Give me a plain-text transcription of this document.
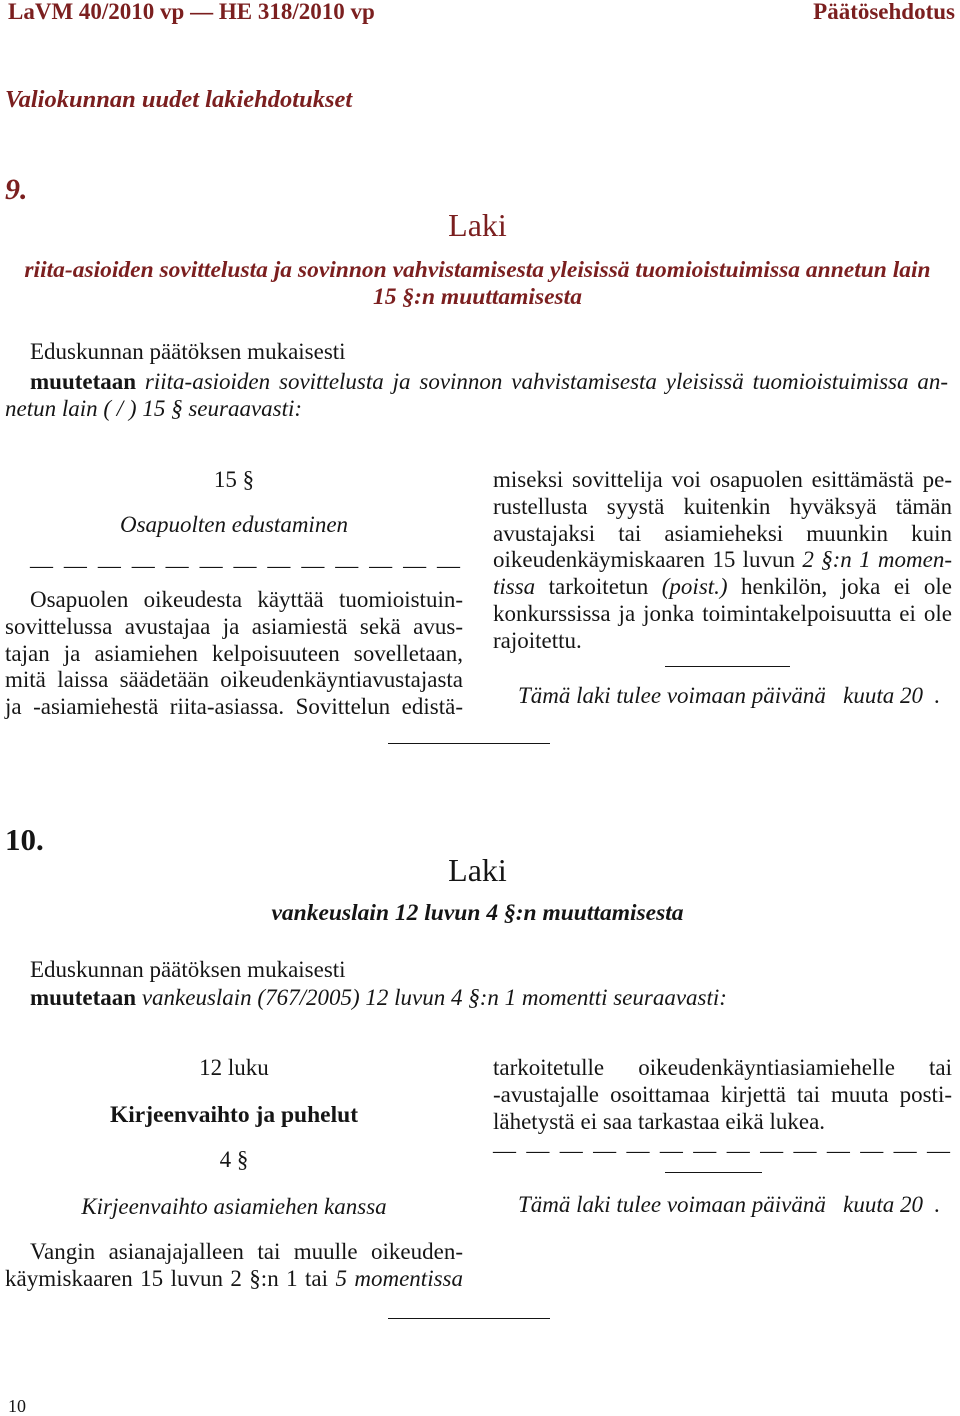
LaVM 40/2010 vp — HE 318/2010 vp	Päätösehdotus
Valiokunnan uudet lakiehdotukset
9.
Laki
riita-asioiden sovittelusta ja sovinnon vahvistamisesta yleisissä tuomioistuimissa annetun lain
15 §:n muuttamisesta
Eduskunnan päätöksen mukaisesti
muutetaan riita-asioiden sovittelusta ja sovinnon vahvistamisesta yleisissä tuomioistuimissa an-
netun lain ( / ) 15 § seuraavasti:
15 §
Osapuolten edustaminen
— — — — — — — — — — — — —
Osapuolen oikeudesta käyttää tuomioistuin-
sovittelussa avustajaa ja asiamiestä sekä avus-
tajan ja asiamiehen kelpoisuuteen sovelletaan,
mitä laissa säädetään oikeudenkäyntiavustajasta
ja -asiamiehestä riita-asiassa. Sovittelun edistä-
miseksi sovittelija voi osapuolen esittämästä pe-
rustellusta syystä kuitenkin hyväksyä tämän
avustajaksi tai asiamieheksi muunkin kuin
oikeudenkäymiskaaren 15 luvun 2 §:n 1 momen-
tissa tarkoitetun (poist.) henkilön, joka ei ole
konkurssissa ja jonka toimintakelpoisuutta ei ole
rajoitettu.
Tämä laki tulee voimaan päivänä   kuuta 20  .
10.
Laki
vankeuslain 12 luvun 4 §:n muuttamisesta
Eduskunnan päätöksen mukaisesti
muutetaan vankeuslain (767/2005) 12 luvun 4 §:n 1 momentti seuraavasti:
12 luku
Kirjeenvaihto ja puhelut
4 §
Kirjeenvaihto asiamiehen kanssa
Vangin asianajajalleen tai muulle oikeuden-
käymiskaaren 15 luvun 2 §:n 1 tai 5 momentissa
tarkoitetulle oikeudenkäyntiasiamiehelle tai
-avustajalle osoittamaa kirjettä tai muuta posti-
lähetystä ei saa tarkastaa eikä lukea.
— — — — — — — — — — — — — —
Tämä laki tulee voimaan päivänä   kuuta 20  .
10
